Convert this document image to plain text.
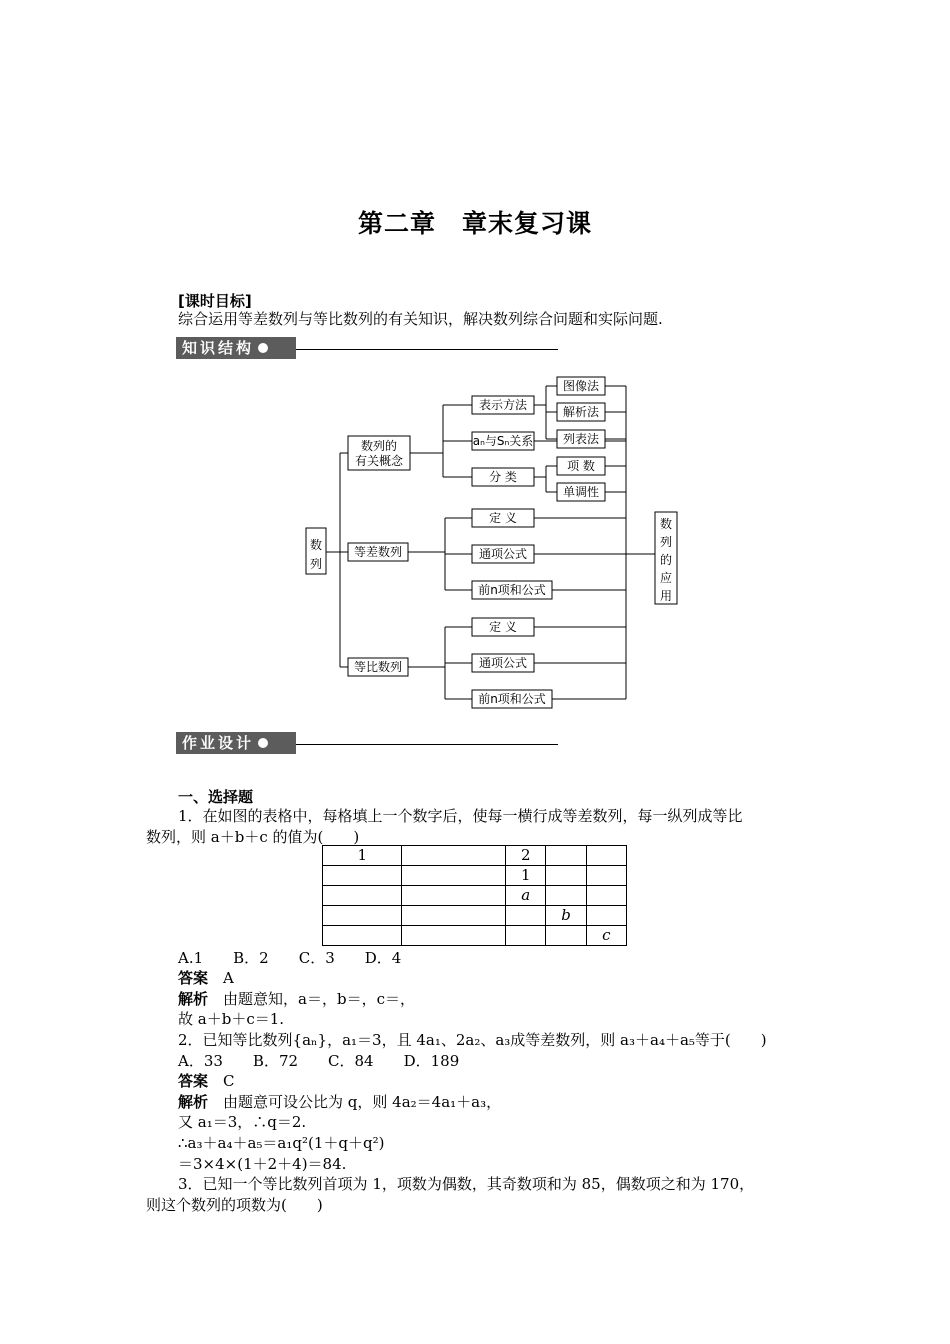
第二章　章末复习课
[课时目标]
综合运用等差数列与等比数列的有关知识，解决数列综合问题和实际问题.
知识结构
数
列
数列的
有关概念
等差数列
等比数列
表示方法
aₙ与Sₙ关系
分 类
图像法
解析法
列表法
项 数
单调性
定 义
通项公式
前n项和公式
定 义
通项公式
前n项和公式
数
列
的
应
用
作业设计
一、选择题
1．在如图的表格中，每格填上一个数字后，使每一横行成等差数列，每一纵列成等比
数列，则 a＋b＋c 的值为(　　)
1		2		
		1		
		a		
			b	
				c
A.1　　B．2　　C．3　　D．4
答案　 A
解析　 由题意知，a＝，b＝，c＝，
故 a＋b＋c＝1.
2．已知等比数列{aₙ}，a₁＝3，且 4a₁、2a₂、a₃成等差数列，则 a₃＋a₄＋a₅等于(　　)
A．33　　B．72　　C．84　　D．189
答案　 C
解析　 由题意可设公比为 q，则 4a₂＝4a₁＋a₃，
又 a₁＝3，∴q＝2.
∴a₃＋a₄＋a₅＝a₁q²(1＋q＋q²)
＝3×4×(1＋2＋4)＝84.
3．已知一个等比数列首项为 1，项数为偶数，其奇数项和为 85，偶数项之和为 170，
则这个数列的项数为(　　)
